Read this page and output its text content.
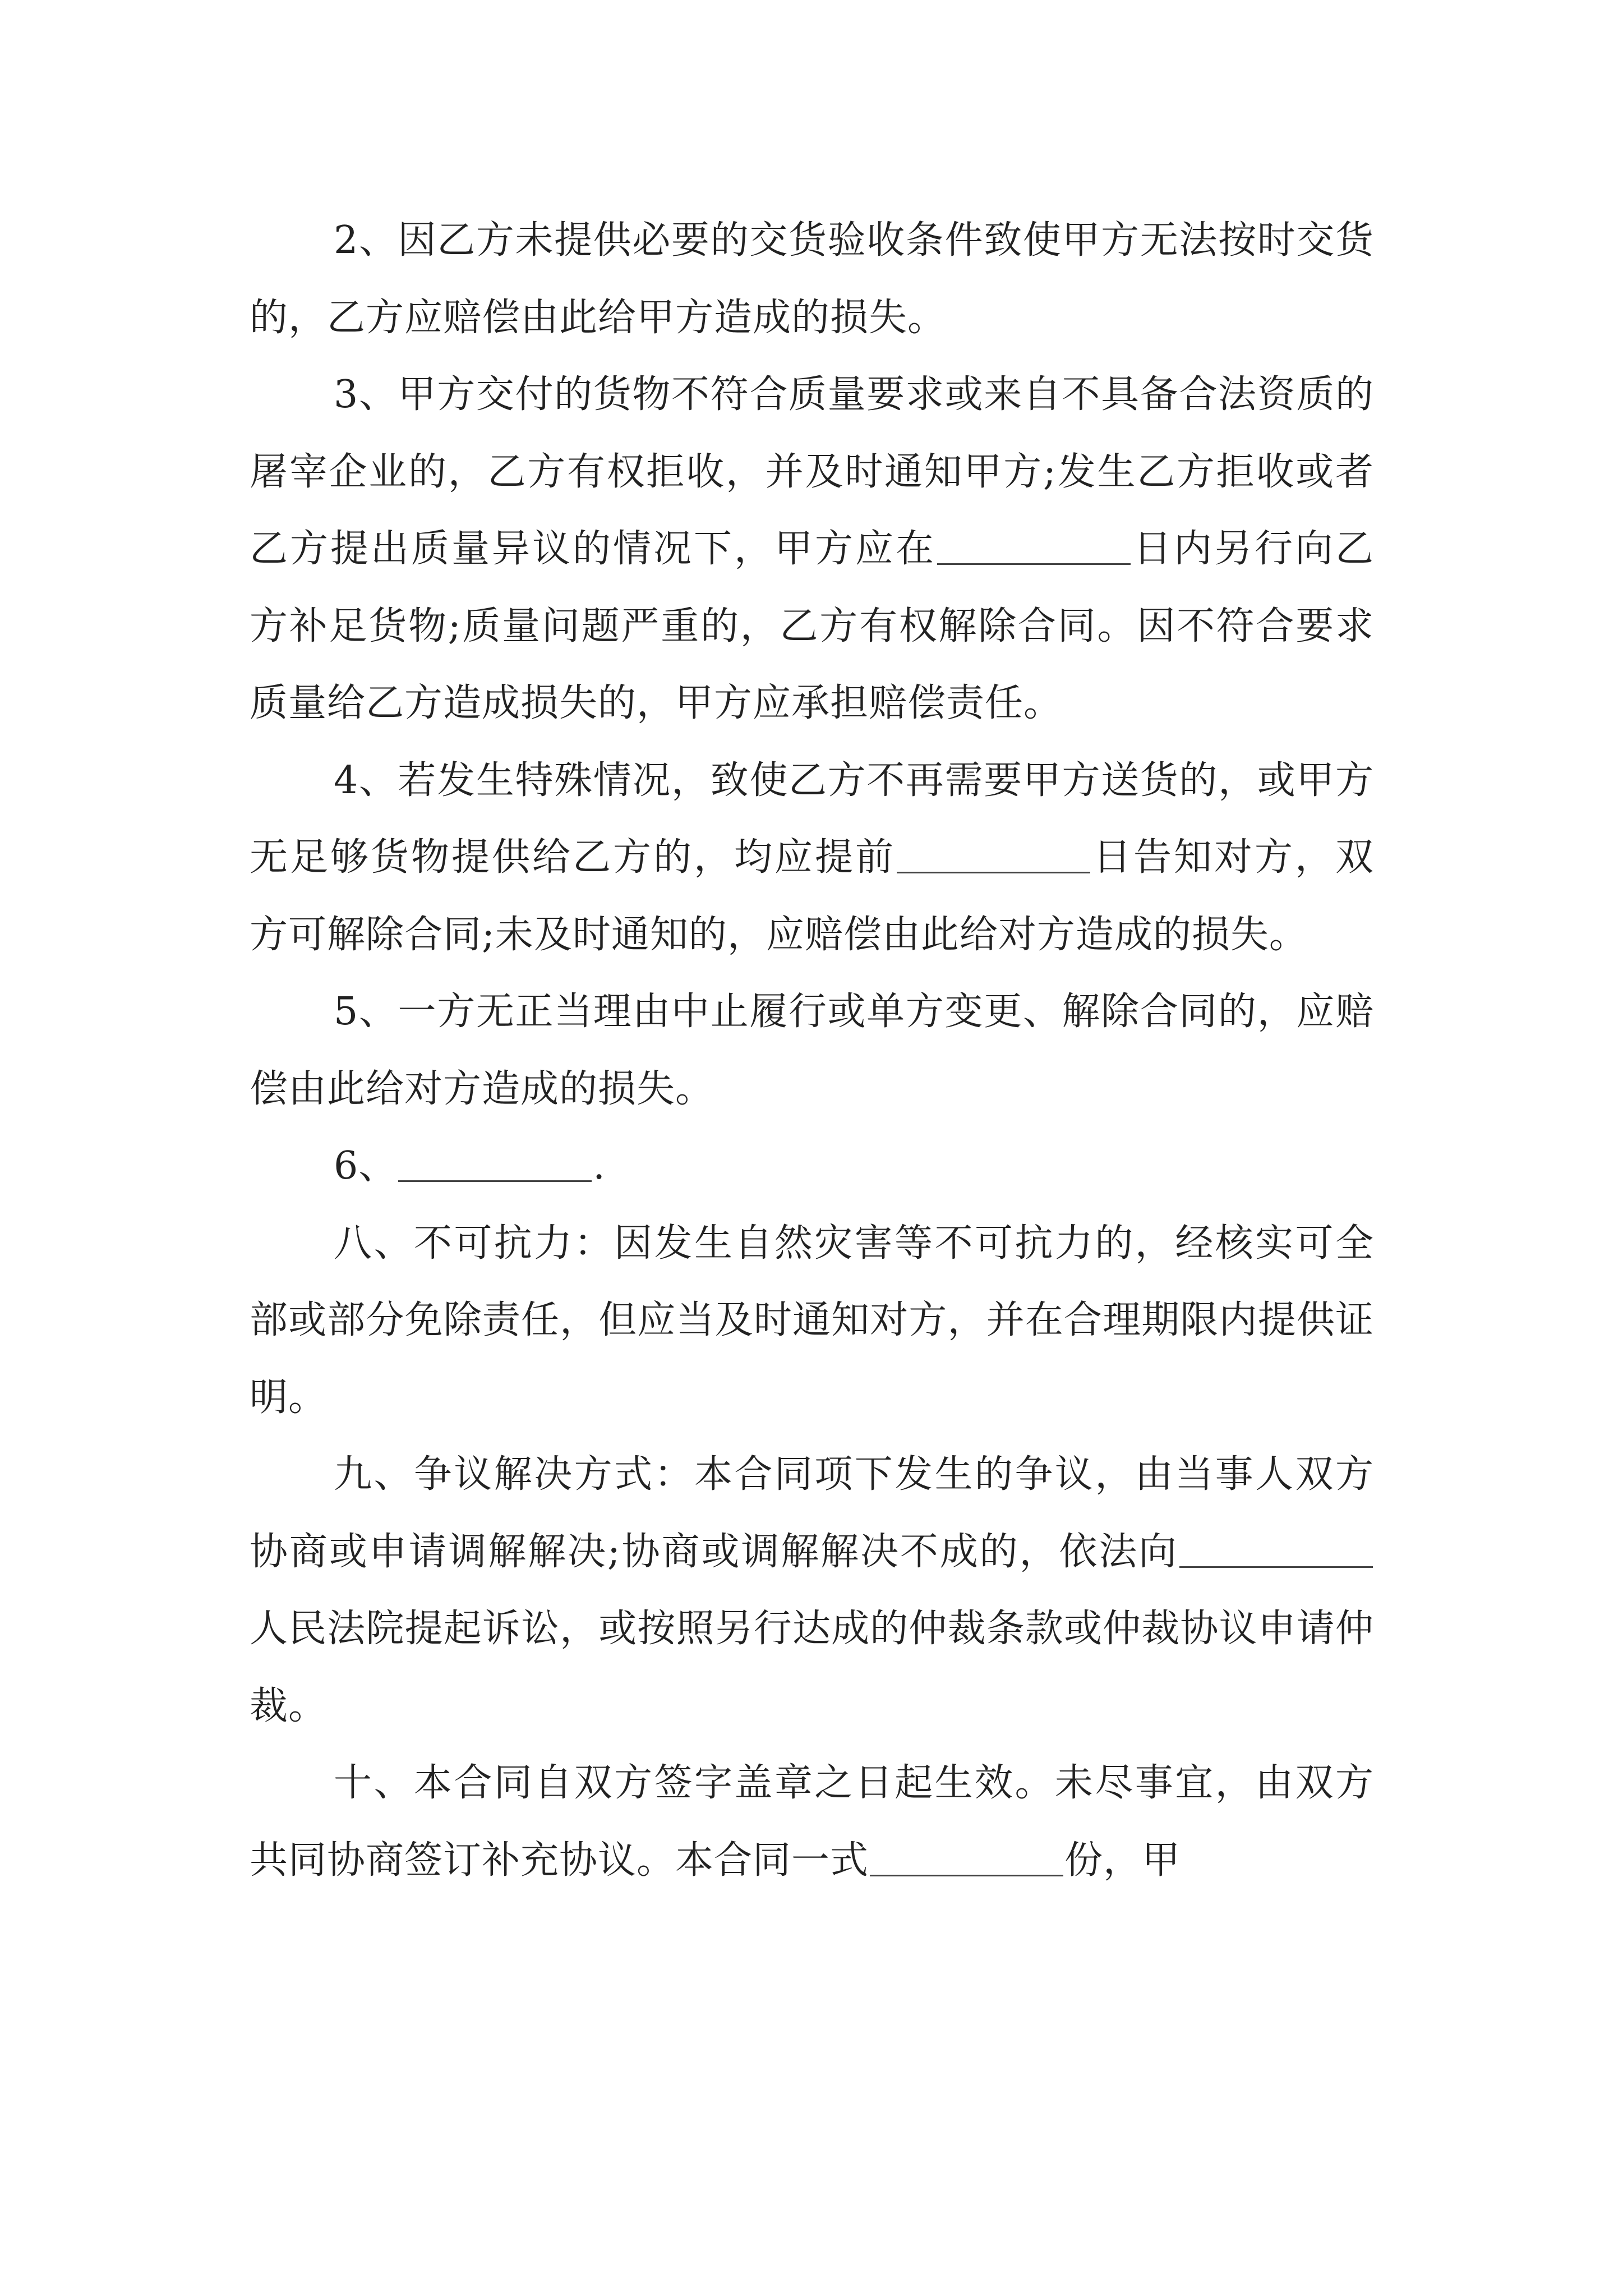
2、因乙方未提供必要的交货验收条件致使甲方无法按时交货的，乙方应赔偿由此给甲方造成的损失。

3、甲方交付的货物不符合质量要求或来自不具备合法资质的屠宰企业的，乙方有权拒收，并及时通知甲方;发生乙方拒收或者乙方提出质量异议的情况下，甲方应在	日内另行向乙方补足货物;质量问题严重的，乙方有权解除合同。因不符合要求质量给乙方造成损失的，甲方应承担赔偿责任。

4、若发生特殊情况，致使乙方不再需要甲方送货的，或甲方无足够货物提供给乙方的，均应提前	日告知对方，双方可解除合同;未及时通知的，应赔偿由此给对方造成的损失。

5、一方无正当理由中止履行或单方变更、解除合同的，应赔偿由此给对方造成的损失。

6、	.

八、不可抗力：因发生自然灾害等不可抗力的，经核实可全部或部分免除责任，但应当及时通知对方，并在合理期限内提供证明。

九、争议解决方式：本合同项下发生的争议，由当事人双方协商或申请调解解决;协商或调解解决不成的，依法向人民法院提起诉讼，或按照另行达成的仲裁条款或仲裁协议申请仲裁。

十、本合同自双方签字盖章之日起生效。未尽事宜，由双方共同协商签订补充协议。本合同一式	份，甲
